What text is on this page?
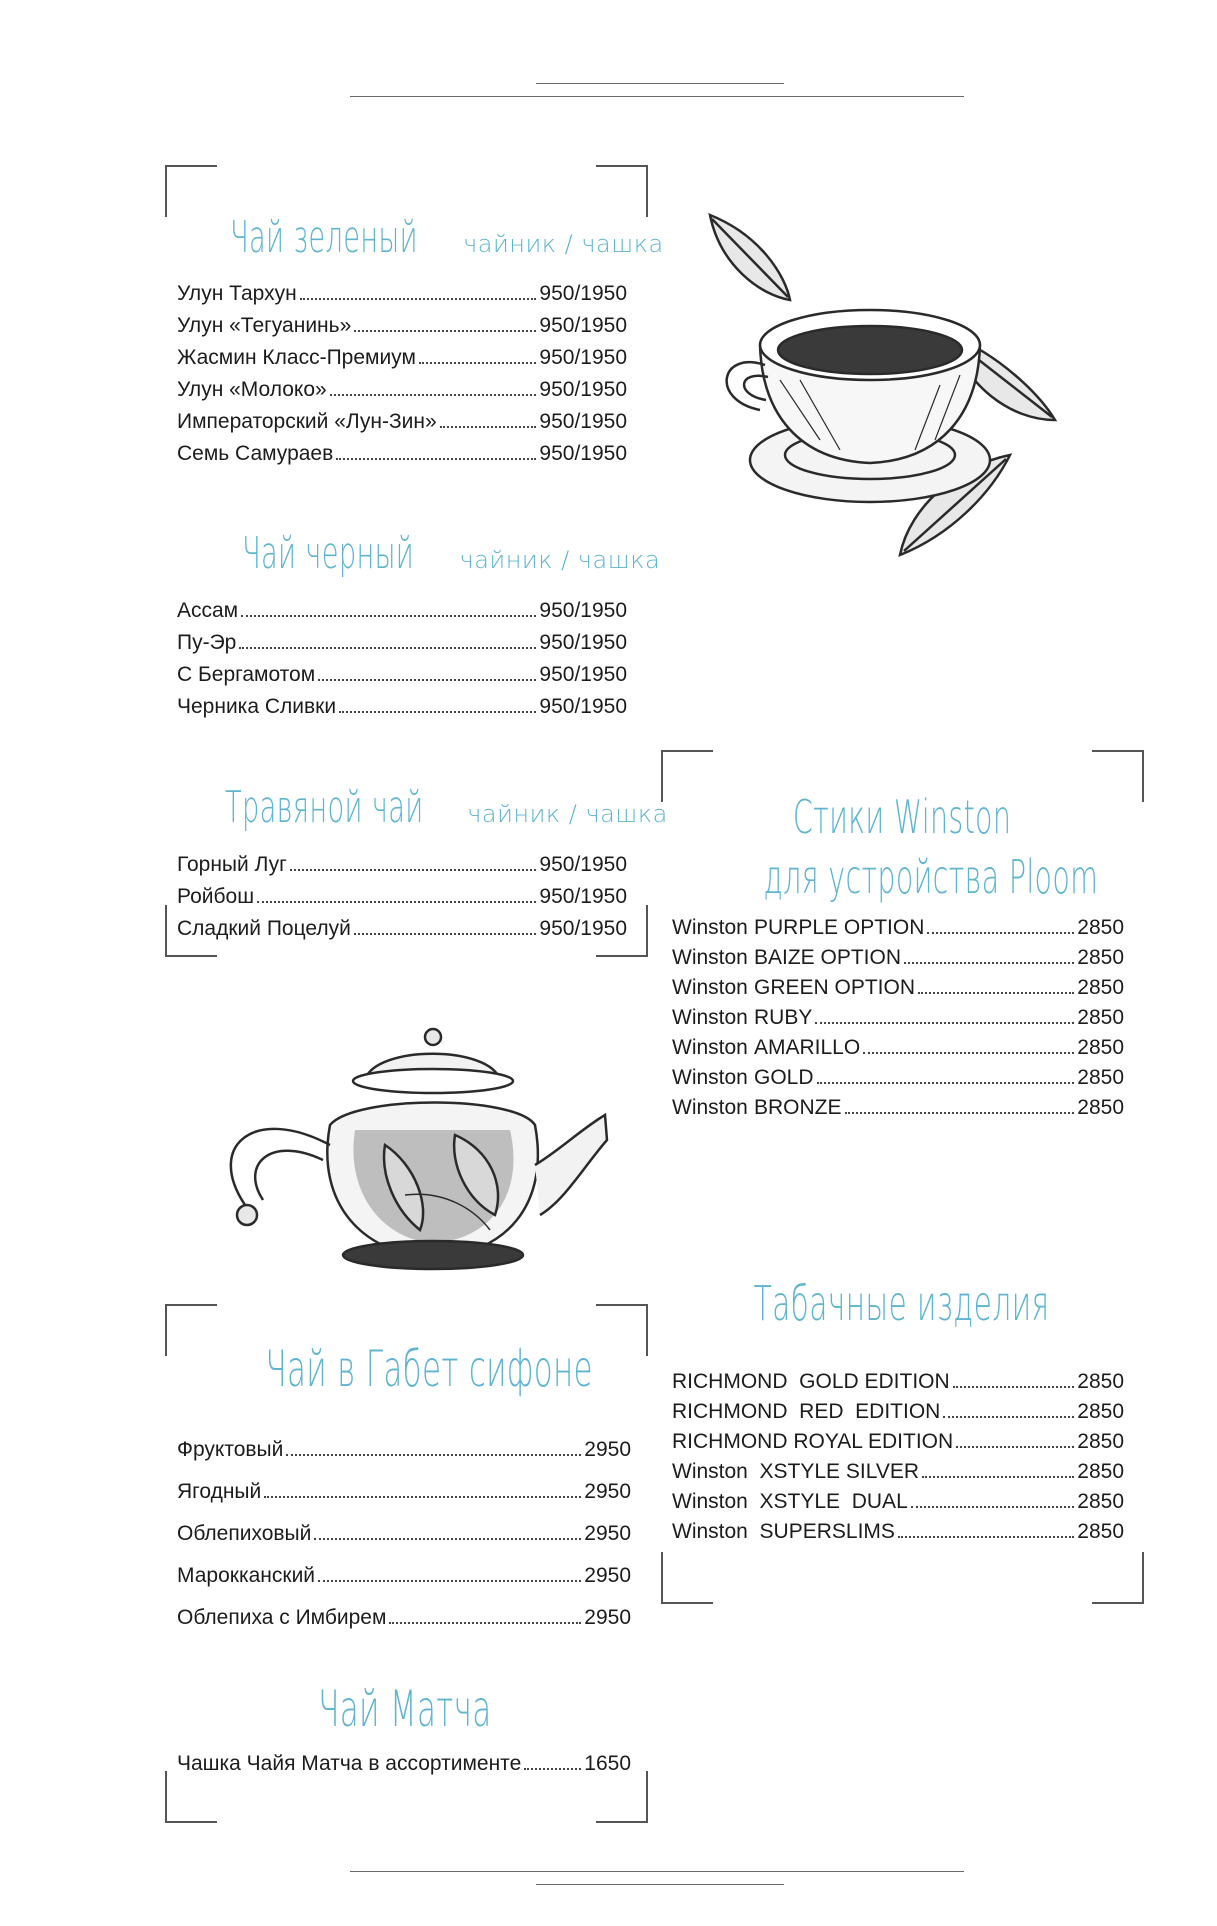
Чай зеленый чайник / чашка
Улун Тархун	950/1950
Улун «Тегуанинь»	950/1950
Жасмин Класс-Премиум	950/1950
Улун «Молоко»	950/1950
Императорский «Лун-Зин»	950/1950
Семь Самураев	950/1950
Чай черный чайник / чашка
Ассам	950/1950
Пу-Эр	950/1950
С Бергамотом	950/1950
Черника Сливки	950/1950
Травяной чай чайник / чашка
Горный Луг	950/1950
Ройбош	950/1950
Сладкий Поцелуй	950/1950
Чай в Габет сифоне
Фруктовый	2950
Ягодный	2950
Облепиховый	2950
Марокканский	2950
Облепиха с Имбирем	2950
Чай Матча
Чашка Чайя Матча в ассортименте	1650
Стики Winston
для устройства Ploom
Winston PURPLE OPTION	2850
Winston BAIZE OPTION	2850
Winston GREEN OPTION	2850
Winston RUBY	2850
Winston AMARILLO	2850
Winston GOLD	2850
Winston BRONZE	2850
Табачные изделия
RICHMOND  GOLD EDITION	2850
RICHMOND  RED  EDITION	2850
RICHMOND ROYAL EDITION	2850
Winston  XSTYLE SILVER	2850
Winston  XSTYLE  DUAL	2850
Winston  SUPERSLIMS	2850
